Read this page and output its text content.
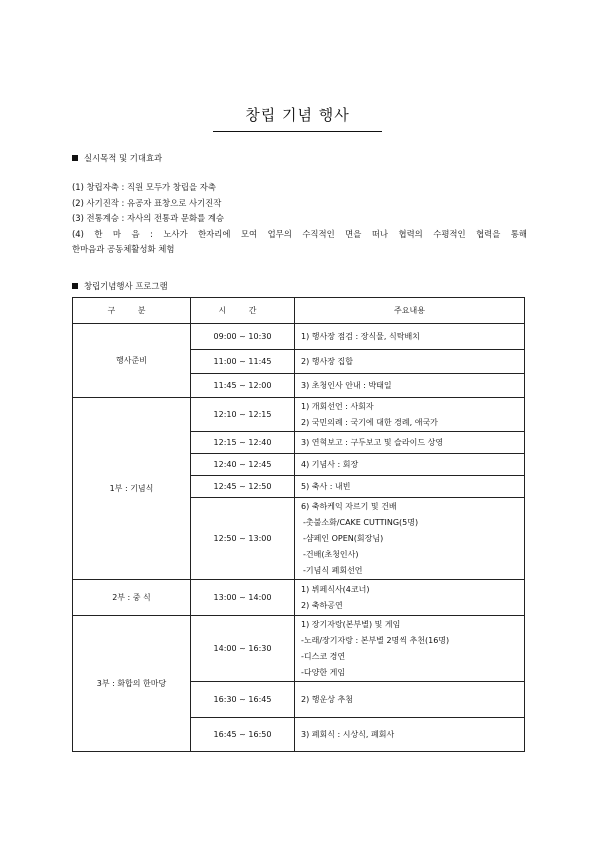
창립 기념 행사
실시목적 및 기대효과
(1) 창립자축 : 직원 모두가 창립을 자축
(2) 사기진작 : 유공자 표창으로 사기진작
(3) 전통계승 : 자사의 전통과 문화를 계승
(4) 한 마 음 : 노사가 한자리에 모여 업무의 수직적인 면을 떠나 협력의 수평적인 협력을 통해
한마음과 공동체활성화 체험
창립기념행사 프로그램
구 분	시 간	주요내용
행사준비	09:00 ~ 10:30	1) 행사장 점검 : 장식물, 식탁배치

	11:00 ~ 11:45	2) 행사장 집합

	11:45 ~ 12:00	3) 초청인사 안내 : 박태일

1부 : 기념식	12:10 ~ 12:15	1) 개회선언 : 사회자
2) 국민의례 : 국기에 대한 경례, 애국가

	12:15 ~ 12:40	3) 연혁보고 : 구두보고 및 슬라이드 상영

	12:40 ~ 12:45	4) 기념사 : 회장

	12:45 ~ 12:50	5) 축사 : 내빈

	12:50 ~ 13:00	6) 축하케익 자르기 및 건배
-촛불소화/CAKE CUTTING(5명)
-샴페인 OPEN(회장님)
-건배(초청인사)
-기념식 폐회선언

2부 : 중 식	13:00 ~ 14:00	1) 뷔페식사(4코너)
2) 축하공연

3부 : 화합의 한마당	14:00 ~ 16:30	1) 장기자랑(본부별) 및 게임
-노래/장기자랑 : 본부별 2명씩 추천(16명)
-디스코 경연
-다양한 게임

	16:30 ~ 16:45	2) 행운상 추첨

	16:45 ~ 16:50	3) 폐회식 : 시상식, 폐회사
